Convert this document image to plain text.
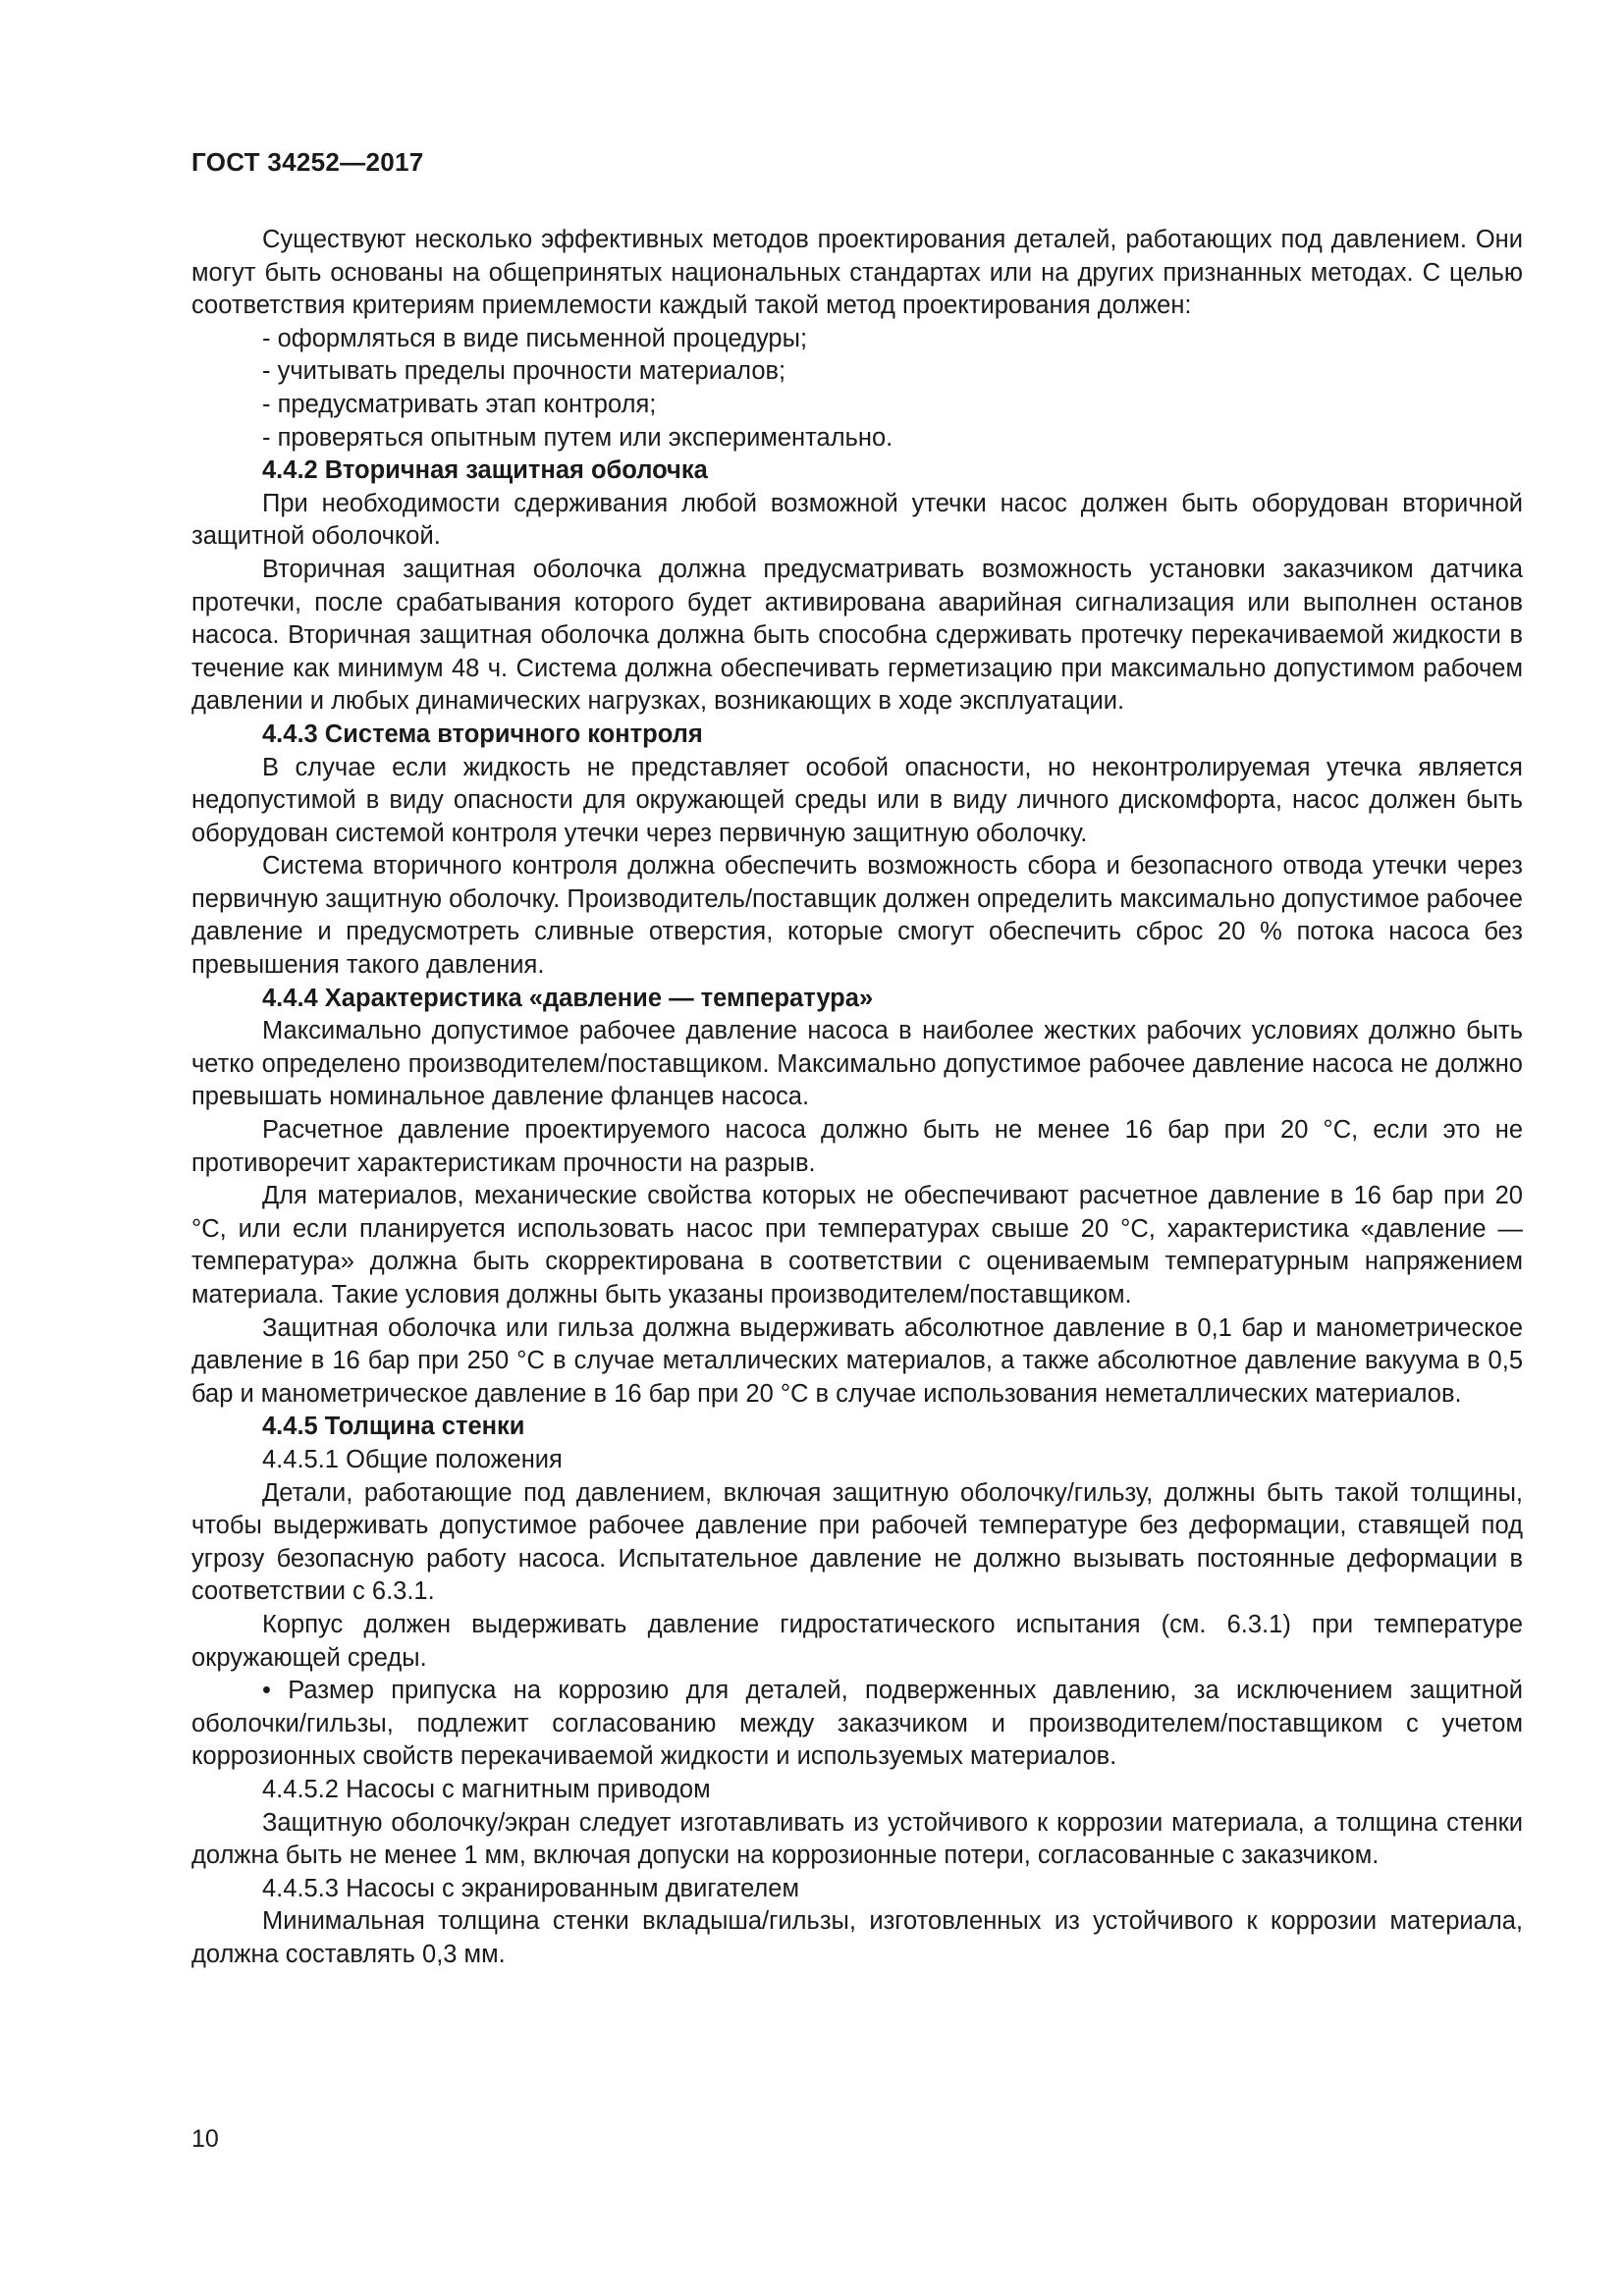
ГОСТ 34252—2017

Существуют несколько эффективных методов проектирования деталей, работающих под давлением. Они могут быть основаны на общепринятых национальных стандартах или на других признанных методах. С целью соответствия критериям приемлемости каждый такой метод проектирования должен:

- оформляться в виде письменной процедуры;

- учитывать пределы прочности материалов;

- предусматривать этап контроля;

- проверяться опытным путем или экспериментально.

4.4.2 Вторичная защитная оболочка

При необходимости сдерживания любой возможной утечки насос должен быть оборудован вторичной защитной оболочкой.

Вторичная защитная оболочка должна предусматривать возможность установки заказчиком датчика протечки, после срабатывания которого будет активирована аварийная сигнализация или выполнен останов насоса. Вторичная защитная оболочка должна быть способна сдерживать протечку перекачиваемой жидкости в течение как минимум 48 ч. Система должна обеспечивать герметизацию при максимально допустимом рабочем давлении и любых динамических нагрузках, возникающих в ходе эксплуатации.

4.4.3 Система вторичного контроля

В случае если жидкость не представляет особой опасности, но неконтролируемая утечка является недопустимой в виду опасности для окружающей среды или в виду личного дискомфорта, насос должен быть оборудован системой контроля утечки через первичную защитную оболочку.

Система вторичного контроля должна обеспечить возможность сбора и безопасного отвода утечки через первичную защитную оболочку. Производитель/поставщик должен определить максимально допустимое рабочее давление и предусмотреть сливные отверстия, которые смогут обеспечить сброс 20 % потока насоса без превышения такого давления.

4.4.4 Характеристика «давление — температура»

Максимально допустимое рабочее давление насоса в наиболее жестких рабочих условиях должно быть четко определено производителем/поставщиком. Максимально допустимое рабочее давление насоса не должно превышать номинальное давление фланцев насоса.

Расчетное давление проектируемого насоса должно быть не менее 16 бар при 20 °С, если это не противоречит характеристикам прочности на разрыв.

Для материалов, механические свойства которых не обеспечивают расчетное давление в 16 бар при 20 °С, или если планируется использовать насос при температурах свыше 20 °С, характеристика «давление — температура» должна быть скорректирована в соответствии с оцениваемым температурным напряжением материала. Такие условия должны быть указаны производителем/поставщиком.

Защитная оболочка или гильза должна выдерживать абсолютное давление в 0,1 бар и манометрическое давление в 16 бар при 250 °С в случае металлических материалов, а также абсолютное давление вакуума в 0,5 бар и манометрическое давление в 16 бар при 20 °С в случае использования неметаллических материалов.

4.4.5 Толщина стенки

4.4.5.1 Общие положения

Детали, работающие под давлением, включая защитную оболочку/гильзу, должны быть такой толщины, чтобы выдерживать допустимое рабочее давление при рабочей температуре без деформации, ставящей под угрозу безопасную работу насоса. Испытательное давление не должно вызывать постоянные деформации в соответствии с 6.3.1.

Корпус должен выдерживать давление гидростатического испытания (см. 6.3.1) при температуре окружающей среды.

• Размер припуска на коррозию для деталей, подверженных давлению, за исключением защитной оболочки/гильзы, подлежит согласованию между заказчиком и производителем/поставщиком с учетом коррозионных свойств перекачиваемой жидкости и используемых материалов.

4.4.5.2 Насосы с магнитным приводом

Защитную оболочку/экран следует изготавливать из устойчивого к коррозии материала, а толщина стенки должна быть не менее 1 мм, включая допуски на коррозионные потери, согласованные с заказчиком.

4.4.5.3 Насосы с экранированным двигателем

Минимальная толщина стенки вкладыша/гильзы, изготовленных из устойчивого к коррозии материала, должна составлять 0,3 мм.

10
